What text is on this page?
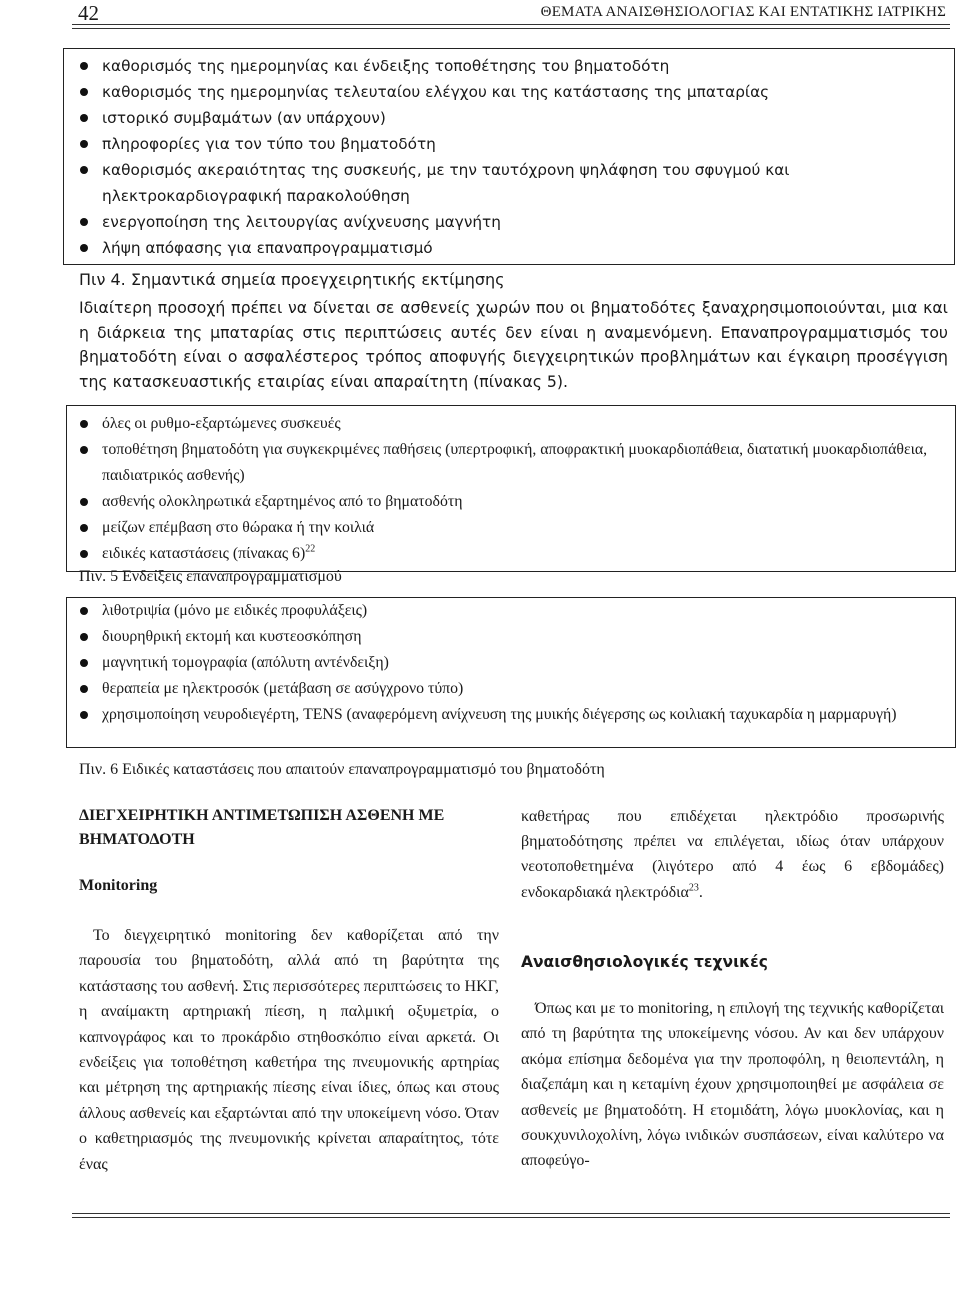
42	ΘΕΜΑΤΑ ΑΝΑΙΣΘΗΣΙΟΛΟΓΙΑΣ ΚΑΙ ΕΝΤΑΤΙΚΗΣ ΙΑΤΡΙΚΗΣ
καθορισμός της ημερομηνίας και ένδειξης τοποθέτησης του βηματοδότη
καθορισμός της ημερομηνίας τελευταίου ελέγχου και της κατάστασης της μπαταρίας
ιστορικό συμβαμάτων (αν υπάρχουν)
πληροφορίες για τον τύπο του βηματοδότη
καθορισμός ακεραιότητας της συσκευής, με την ταυτόχρονη ψηλάφηση του σφυγμού και ηλεκτροκαρδιογραφική παρακολούθηση
ενεργοποίηση της λειτουργίας ανίχνευσης μαγνήτη
λήψη απόφασης για επαναπρογραμματισμό
Πιν 4. Σημαντικά σημεία προεγχειρητικής εκτίμησης

Ιδιαίτερη προσοχή πρέπει να δίνεται σε ασθενείς χωρών που οι βηματοδότες ξαναχρησιμοποιούνται, μια και η διάρκεια της μπαταρίας στις περιπτώσεις αυτές δεν είναι η αναμενόμενη. Επαναπρογραμματισμός του βηματοδότη είναι ο ασφαλέστερος τρόπος αποφυγής διεγχειρητικών προβλημάτων και έγκαιρη προσέγγιση της κατασκευαστικής εταιρίας είναι απαραίτητη (πίνακας 5).

όλες οι ρυθμο-εξαρτώμενες συσκευές
τοποθέτηση βηματοδότη για συγκεκριμένες παθήσεις (υπερτροφική, αποφρακτική μυοκαρδιοπάθεια, διατατική μυοκαρδιοπάθεια, παιδιατρικός ασθενής)
ασθενής ολοκληρωτικά εξαρτημένος από το βηματοδότη
μείζων επέμβαση στο θώρακα ή την κοιλιά
ειδικές καταστάσεις (πίνακας 6)$^{22}$
Πιν. 5 Ενδείξεις επαναπρογραμματισμού
λιθοτριψία (μόνο με ειδικές προφυλάξεις)
διουρηθρική εκτομή και κυστεοσκόπηση
μαγνητική τομογραφία (απόλυτη αντένδειξη)
θεραπεία με ηλεκτροσόκ (μετάβαση σε ασύγχρονο τύπο)
χρησιμοποίηση νευροδιεγέρτη, TENS (αναφερόμενη ανίχνευση της μυικής διέγερσης ως κοιλιακή ταχυκαρδία η μαρμαρυγή)
Πιν. 6 Ειδικές καταστάσεις που απαιτούν επαναπρογραμματισμό του βηματοδότη
ΔΙΕΓΧΕΙΡΗΤΙΚΗ ΑΝΤΙΜΕΤΩΠΙΣΗ ΑΣΘΕΝΗ ΜΕ ΒΗΜΑΤΟΔΟΤΗ
Monitoring

Το διεγχειρητικό monitoring δεν καθορίζεται από την παρουσία του βηματοδότη, αλλά από τη βαρύτητα της κατάστασης του ασθενή. Στις περισσότερες περιπτώσεις το ΗΚΓ, η αναίμακτη αρτηριακή πίεση, η παλμική οξυμετρία, ο καπνογράφος και το προκάρδιο στηθοσκόπιο είναι αρκετά. Οι ενδείξεις για τοποθέτηση καθετήρα της πνευμονικής αρτηρίας και μέτρηση της αρτηριακής πίεσης είναι ίδιες, όπως και στους άλλους ασθενείς και εξαρτώνται από την υποκείμενη νόσο. Όταν ο καθετηριασμός της πνευμονικής κρίνεται απαραίτητος, τότε ένας

καθετήρας που επιδέχεται ηλεκτρόδιο προσωρινής βηματοδότησης πρέπει να επιλέγεται, ιδίως όταν υπάρχουν νεοτοποθετημένα (λιγότερο από 4 έως 6 εβδομάδες) ενδοκαρδιακά ηλεκτρόδια$^{23}$.

Αναισθησιολογικές τεχνικές

Όπως και με το monitoring, η επιλογή της τεχνικής καθορίζεται από τη βαρύτητα της υποκείμενης νόσου. Αν και δεν υπάρχουν ακόμα επίσημα δεδομένα για την προποφόλη, η θειοπεντάλη, η διαζεπάμη και η κεταμίνη έχουν χρησιμοποιηθεί με ασφάλεια σε ασθενείς με βηματοδότη. Η ετομιδάτη, λόγω μυοκλονίας, και η σουκχυνιλοχολίνη, λόγω ινιδικών συσπάσεων, είναι καλύτερο να αποφεύγο-
